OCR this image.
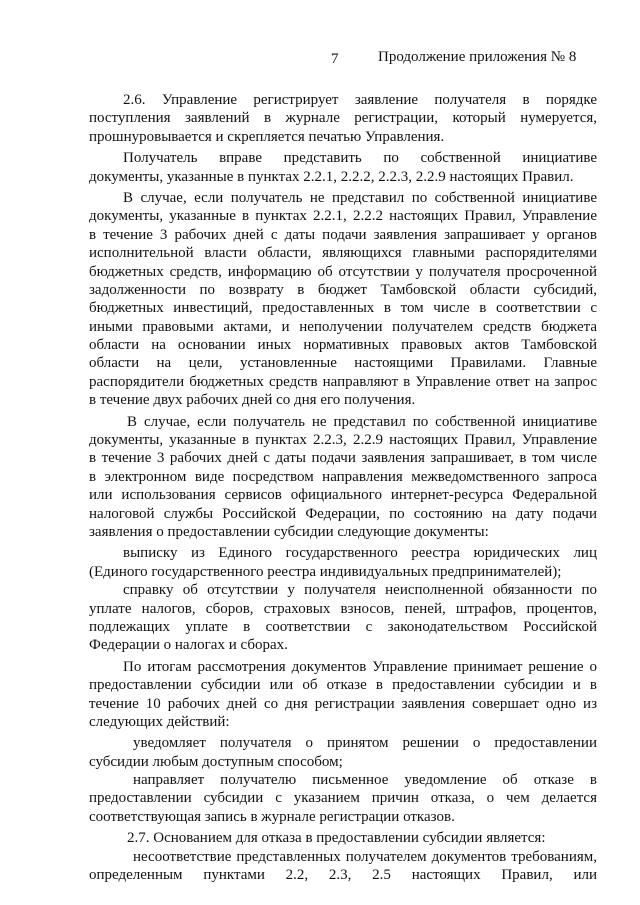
7	Продолжение приложения № 8
2.6. Управление регистрирует заявление получателя в порядке
поступления заявлений в журнале регистрации, который нумеруется,
прошнуровывается и скрепляется печатью Управления.
Получатель вправе представить по собственной инициативе
документы, указанные в пунктах 2.2.1, 2.2.2, 2.2.3, 2.2.9 настоящих Правил.
В случае, если получатель не представил по собственной инициативе
документы, указанные в пунктах 2.2.1, 2.2.2 настоящих Правил, Управление
в течение 3 рабочих дней с даты подачи заявления запрашивает у органов
исполнительной власти области, являющихся главными распорядителями
бюджетных средств, информацию об отсутствии у получателя просроченной
задолженности по возврату в бюджет Тамбовской области субсидий,
бюджетных инвестиций, предоставленных в том числе в соответствии с
иными правовыми актами, и неполучении получателем средств бюджета
области на основании иных нормативных правовых актов Тамбовской
области на цели, установленные настоящими Правилами. Главные
распорядители бюджетных средств направляют в Управление ответ на запрос
в течение двух рабочих дней со дня его получения.
В случае, если получатель не представил по собственной инициативе
документы, указанные в пунктах 2.2.3, 2.2.9 настоящих Правил, Управление
в течение 3 рабочих дней с даты подачи заявления запрашивает, в том числе
в электронном виде посредством направления межведомственного запроса
или использования сервисов официального интернет-ресурса Федеральной
налоговой службы Российской Федерации, по состоянию на дату подачи
заявления о предоставлении субсидии следующие документы:
выписку из Единого государственного реестра юридических лиц
(Единого государственного реестра индивидуальных предпринимателей);
справку об отсутствии у получателя неисполненной обязанности по
уплате налогов, сборов, страховых взносов, пеней, штрафов, процентов,
подлежащих уплате в соответствии с законодательством Российской
Федерации о налогах и сборах.
По итогам рассмотрения документов Управление принимает решение о
предоставлении субсидии или об отказе в предоставлении субсидии и в
течение 10 рабочих дней со дня регистрации заявления совершает одно из
следующих действий:
уведомляет получателя о принятом решении о предоставлении
субсидии любым доступным способом;
направляет получателю письменное уведомление об отказе в
предоставлении субсидии с указанием причин отказа, о чем делается
соответствующая запись в журнале регистрации отказов.
2.7. Основанием для отказа в предоставлении субсидии является:
несоответствие представленных получателем документов требованиям,
определенным пунктами 2.2, 2.3, 2.5 настоящих Правил, или
